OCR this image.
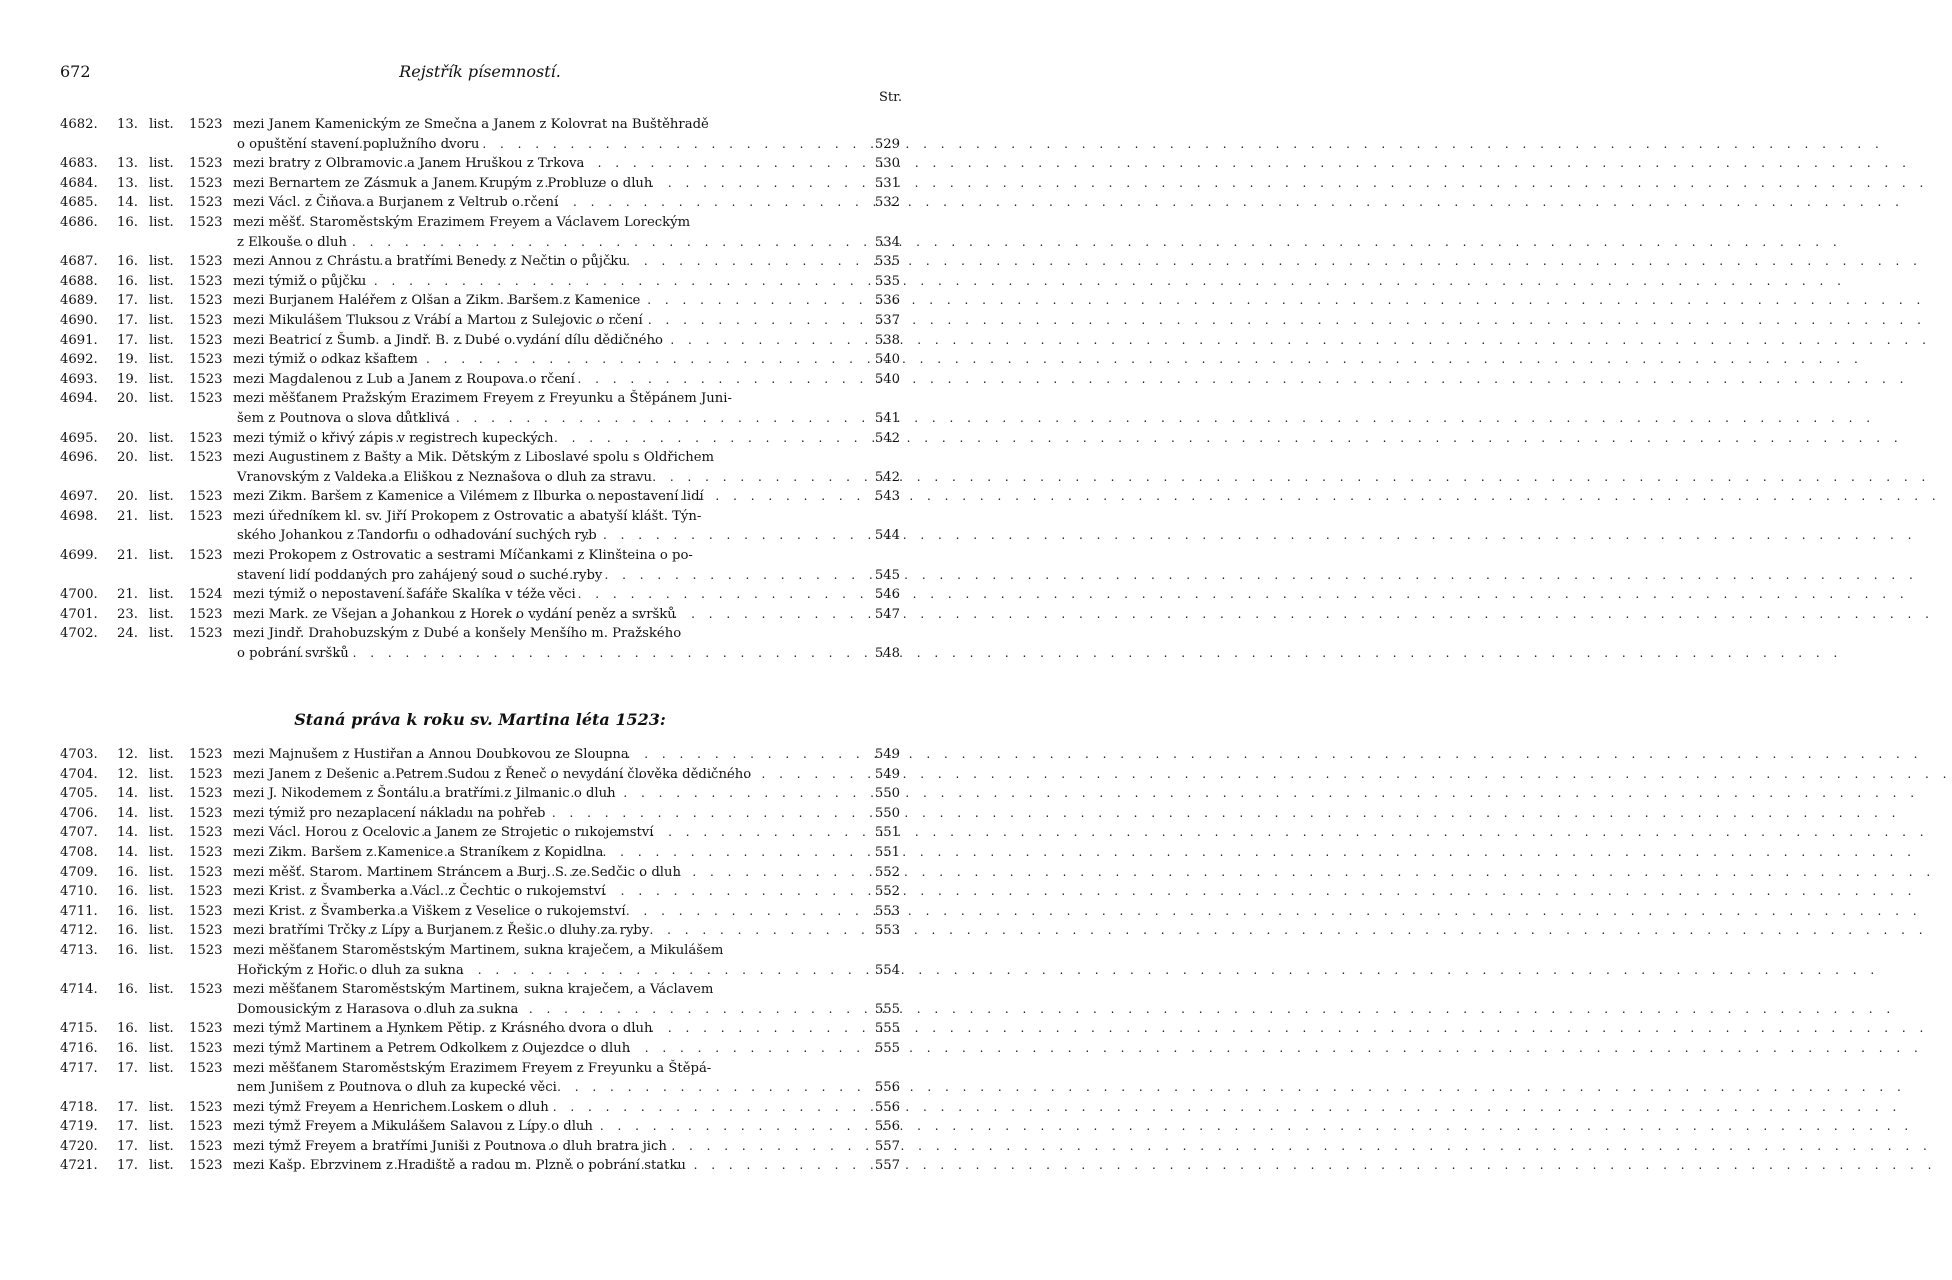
672	Rejstřík písemností.
Str.
4682.	13. list.	1523 mezi Janem Kamenickým ze Smečna a Janem z Kolovrat na Buštěhradě
o opuštění stavení poplužního dvoru . . .	529
4683.	13. list.	1523 mezi bratry z Olbramovic a Janem Hruškou z Trkova . . .	530
4684.	13. list.	1523 mezi Bernartem ze Zásmuk a Janem Krupým z Probluze o dluh . . .	531
4685.	14. list.	1523 mezi Václ. z Čiňova a Burjanem z Veltrub o rčení . . .	532
4686.	16. list.	1523 mezi měšť. Staroměstským Erazimem Freyem a Václavem Loreckým
z Elkouše o dluh . . .	534
4687.	16. list.	1523 mezi Annou z Chrástu a bratřími Benedy z Nečtin o půjčku . . .	535
4688.	16. list.	1523 mezi týmiž o půjčku . . .	535
4689.	17. list.	1523 mezi Burjanem Haléřem z Olšan a Zikm. Baršem z Kamenice . . .	536
4690.	17. list.	1523 mezi Mikulášem Tluksou z Vrábí a Martou z Sulejovic o rčení . . .	537
4691.	17. list.	1523 mezi Beatricí z Šumb. a Jindř. B. z Dubé o vydání dílu dědičného . . .	538
4692.	19. list.	1523 mezi týmiž o odkaz kšaftem . . .	540
4693.	19. list.	1523 mezi Magdalenou z Lub a Janem z Roupova o rčení . . .	540
4694.	20. list.	1523 mezi měšťanem Pražským Erazimem Freyem z Freyunku a Štěpánem Juni-
šem z Poutnova o slova důtklivá . . .	541
4695.	20. list.	1523 mezi týmiž o křivý zápis v registrech kupeckých . . .	542
4696.	20. list.	1523 mezi Augustinem z Bašty a Mik. Dětským z Liboslavé spolu s Oldřichem
Vranovským z Valdeka a Eliškou z Neznašova o dluh za stravu . . .	542
4697.	20. list.	1523 mezi Zikm. Baršem z Kamenice a Vilémem z Ilburka o nepostavení lidí . . .	543
4698.	21. list.	1523 mezi úředníkem kl. sv. Jiří Prokopem z Ostrovatic a abatyší klášt. Týn-
ského Johankou z Tandorfu o odhadování suchých ryb . . .	544
4699.	21. list.	1523 mezi Prokopem z Ostrovatic a sestrami Míčankami z Klinšteina o po-
stavení lidí poddaných pro zahájený soud o suché ryby . . .	545
4700.	21. list.	1524 mezi týmiž o nepostavení šafáře Skalíka v téže věci . . .	546
4701.	23. list.	1523 mezi Mark. ze Všejan a Johankou z Horek o vydání peněz a svršků . . .	547
4702.	24. list.	1523 mezi Jindř. Drahobuzským z Dubé a konšely Menšího m. Pražského
o pobrání svršků . . .	548
Staná práva k roku sv. Martina léta 1523:
4703.	12. list.	1523 mezi Majnušem z Hustiřan a Annou Doubkovou ze Sloupna . . .	549
4704.	12. list.	1523 mezi Janem z Dešenic a Petrem Sudou z Řeneč o nevydání člověka dědičného . . .	549
4705.	14. list.	1523 mezi J. Nikodemem z Šontálu a bratřími z Jilmanic o dluh . . .	550
4706.	14. list.	1523 mezi týmiž pro nezaplacení nákladu na pohřeb . . .	550
4707.	14. list.	1523 mezi Václ. Horou z Ocelovic a Janem ze Strojetic o rukojemství . . .	551
4708.	14. list.	1523 mezi Zikm. Baršem z Kamenice a Straníkem z Kopidlna . . .	551
4709.	16. list.	1523 mezi měšť. Starom. Martinem Stráncem a Burj. S. ze Sedčic o dluh . . .	552
4710.	16. list.	1523 mezi Krist. z Švamberka a Václ. z Čechtic o rukojemství . . .	552
4711.	16. list.	1523 mezi Krist. z Švamberka a Viškem z Veselice o rukojemství . . .	553
4712.	16. list.	1523 mezi bratřími Trčky z Lípy a Burjanem z Řešic o dluhy za ryby . . .	553
4713.	16. list.	1523 mezi měšťanem Staroměstským Martinem, sukna kraječem, a Mikulášem
Hořickým z Hořic o dluh za sukna . . .	554
4714.	16. list.	1523 mezi měšťanem Staroměstským Martinem, sukna kraječem, a Václavem
Domousickým z Harasova o dluh za sukna . . .	555
4715.	16. list.	1523 mezi týmž Martinem a Hynkem Pětip. z Krásného dvora o dluh . . .	555
4716.	16. list.	1523 mezi týmž Martinem a Petrem Odkolkem z Oujezdce o dluh . . .	555
4717.	17. list.	1523 mezi měšťanem Staroměstským Erazimem Freyem z Freyunku a Štěpá-
nem Junišem z Poutnova o dluh za kupecké věci . . .	556
4718.	17. list.	1523 mezi týmž Freyem a Henrichem Loskem o dluh . . .	556
4719.	17. list.	1523 mezi týmž Freyem a Mikulášem Salavou z Lípy o dluh . . .	556
4720.	17. list.	1523 mezi týmž Freyem a bratřími Juniši z Poutnova o dluh bratra jich . . .	557
4721.	17. list.	1523 mezi Kašp. Ebrzvinem z Hradiště a radou m. Plzně o pobrání statku . . .	557
